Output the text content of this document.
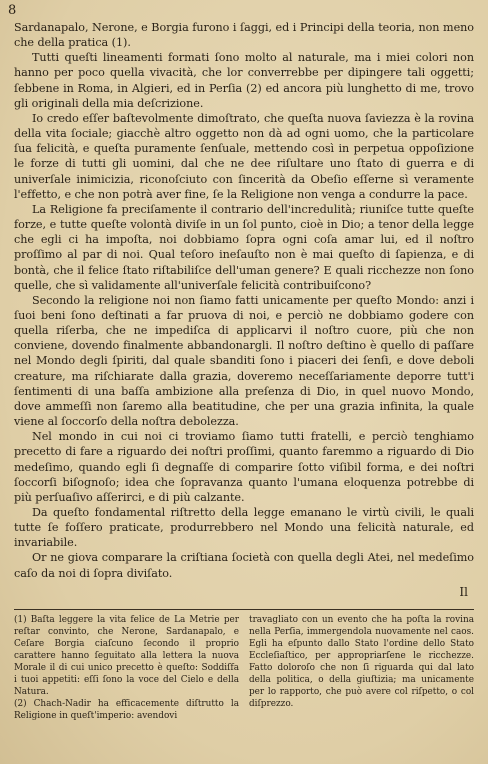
8

Sardanapalo, Nerone, e Borgia furono i ſaggi, ed i Principi della teoria, non meno che della pratica (1).

Tutti queſti lineamenti formati ſono molto al naturale, ma i miei colori non hanno per poco quella vivacità, che lor converrebbe per dipingere tali oggetti; ſebbene in Roma, in Algieri, ed in Perſia (2) ed ancora più lunghetto di me, trovo gli originali della mia deſcrizione.

Io credo eſſer baſtevolmente dimoſtrato, che queſta nuova ſavіezza è la rovina della vita ſociale; giacchè altro oggetto non dà ad ogni uomo, che la particolare ſua felicità, e queſta puramente ſenſuale, mettendo così in perpetua oppoſizione le forze di tutti gli uomini, dal che ne dee riſultare uno ſtato di guerra e di univerſale inimicizia, riconoſciuto con ſincerità da Obeſio eſſerne sì veramente l'effetto, e che non potrà aver fine, ſe la Religione non venga a condurre la pace.

La Religione fa preciſamente il contrario dell'incredulità; riuniſce tutte queſte forze, e tutte queſte volontà diviſe in un ſol punto, cioè in Dio; a tenor della legge che egli ci ha impoſta, noi dobbiamo ſopra ogni coſa amar lui, ed il noſtro proſſimo al par di noi. Qual teſoro ineſauſto non è mai queſto di ſapienza, e di bontà, che il felice ſtato riſtabiliſce dell'uman genere? E quali ricchezze non ſono quelle, che sì validamente all'univerſale felicità contribuiſcono?

Secondo la religione noi non ſiamo fatti unicamente per queſto Mondo: anzi i ſuoi beni ſono deſtinati a far pruova di noi, e perciò ne dobbiamo godere con quella riſerba, che ne impediſca di applicarvi il noſtro cuore, più che non conviene, dovendo finalmente abbandonargli. Il noſtro deſtino è quello di paſſare nel Mondo degli ſpiriti, dal quale sbanditi ſono i piaceri dei ſenſi, e dove deboli creature, ma riſchiarate dalla grazia, doveremo neceſſariamente deporre tutt'i ſentimenti di una baſſa ambizione alla preſenza di Dio, in quel nuovo Mondo, dove ammeſſi non ſaremo alla beatitudine, che per una grazia infinita, la quale viene al ſoccorſo della noſtra debolezza.

Nel mondo in cui noi ci troviamo ſiamo tutti fratelli, e perciò tenghiamo precetto di fare a riguardo dei noſtri proſſimi, quanto faremmo a riguardo di Dio medeſimo, quando egli ſi degnaſſe di comparire ſotto viſibil forma, e dei noſtri ſoccorſi biſognoſo; idea che ſopravanza quanto l'umana eloquenza potrebbe di più perſuaſivo aſſerirci, e di più calzante.

Da queſto fondamental riſtretto della legge emanano le virtù civili, le quali tutte ſe foſſero praticate, produrrebbero nel Mondo una felicità naturale, ed invariabile.

Or ne giova comparare la criſtiana ſocietà con quella degli Atei, nel medeſimo caſo da noi di ſopra diviſato.

Il

(1) Baſta leggere la vita felice de La Metrie per reſtar convinto, che Nerone, Sardanapalo, e Ceſare Borgia ciaſcuno ſecondo il proprio carattere hanno ſeguitato alla lettera la nuova Morale il di cui unico precetto è queſto: Soddiſfa i tuoi appetiti: eſſi ſono la voce del Cielo e della Natura.

(2) Chach-Nadir ha efficacemente diſtrutto la Religione in queſt'imperio: avendovi

travagliato con un evento che ha poſta la rovina nella Perſia, immergendola nuovamente nel caos. Egli ha eſpunto dallo Stato l'ordine dello Stato Eccleſiaſtico, per appropriarſene le ricchezze. Fatto doloroſo che non ſi riguarda qui dal lato della politica, o della giuſtizia; ma unicamente per lo rapporto, che può avere col riſpetto, o col diſprezzo.
